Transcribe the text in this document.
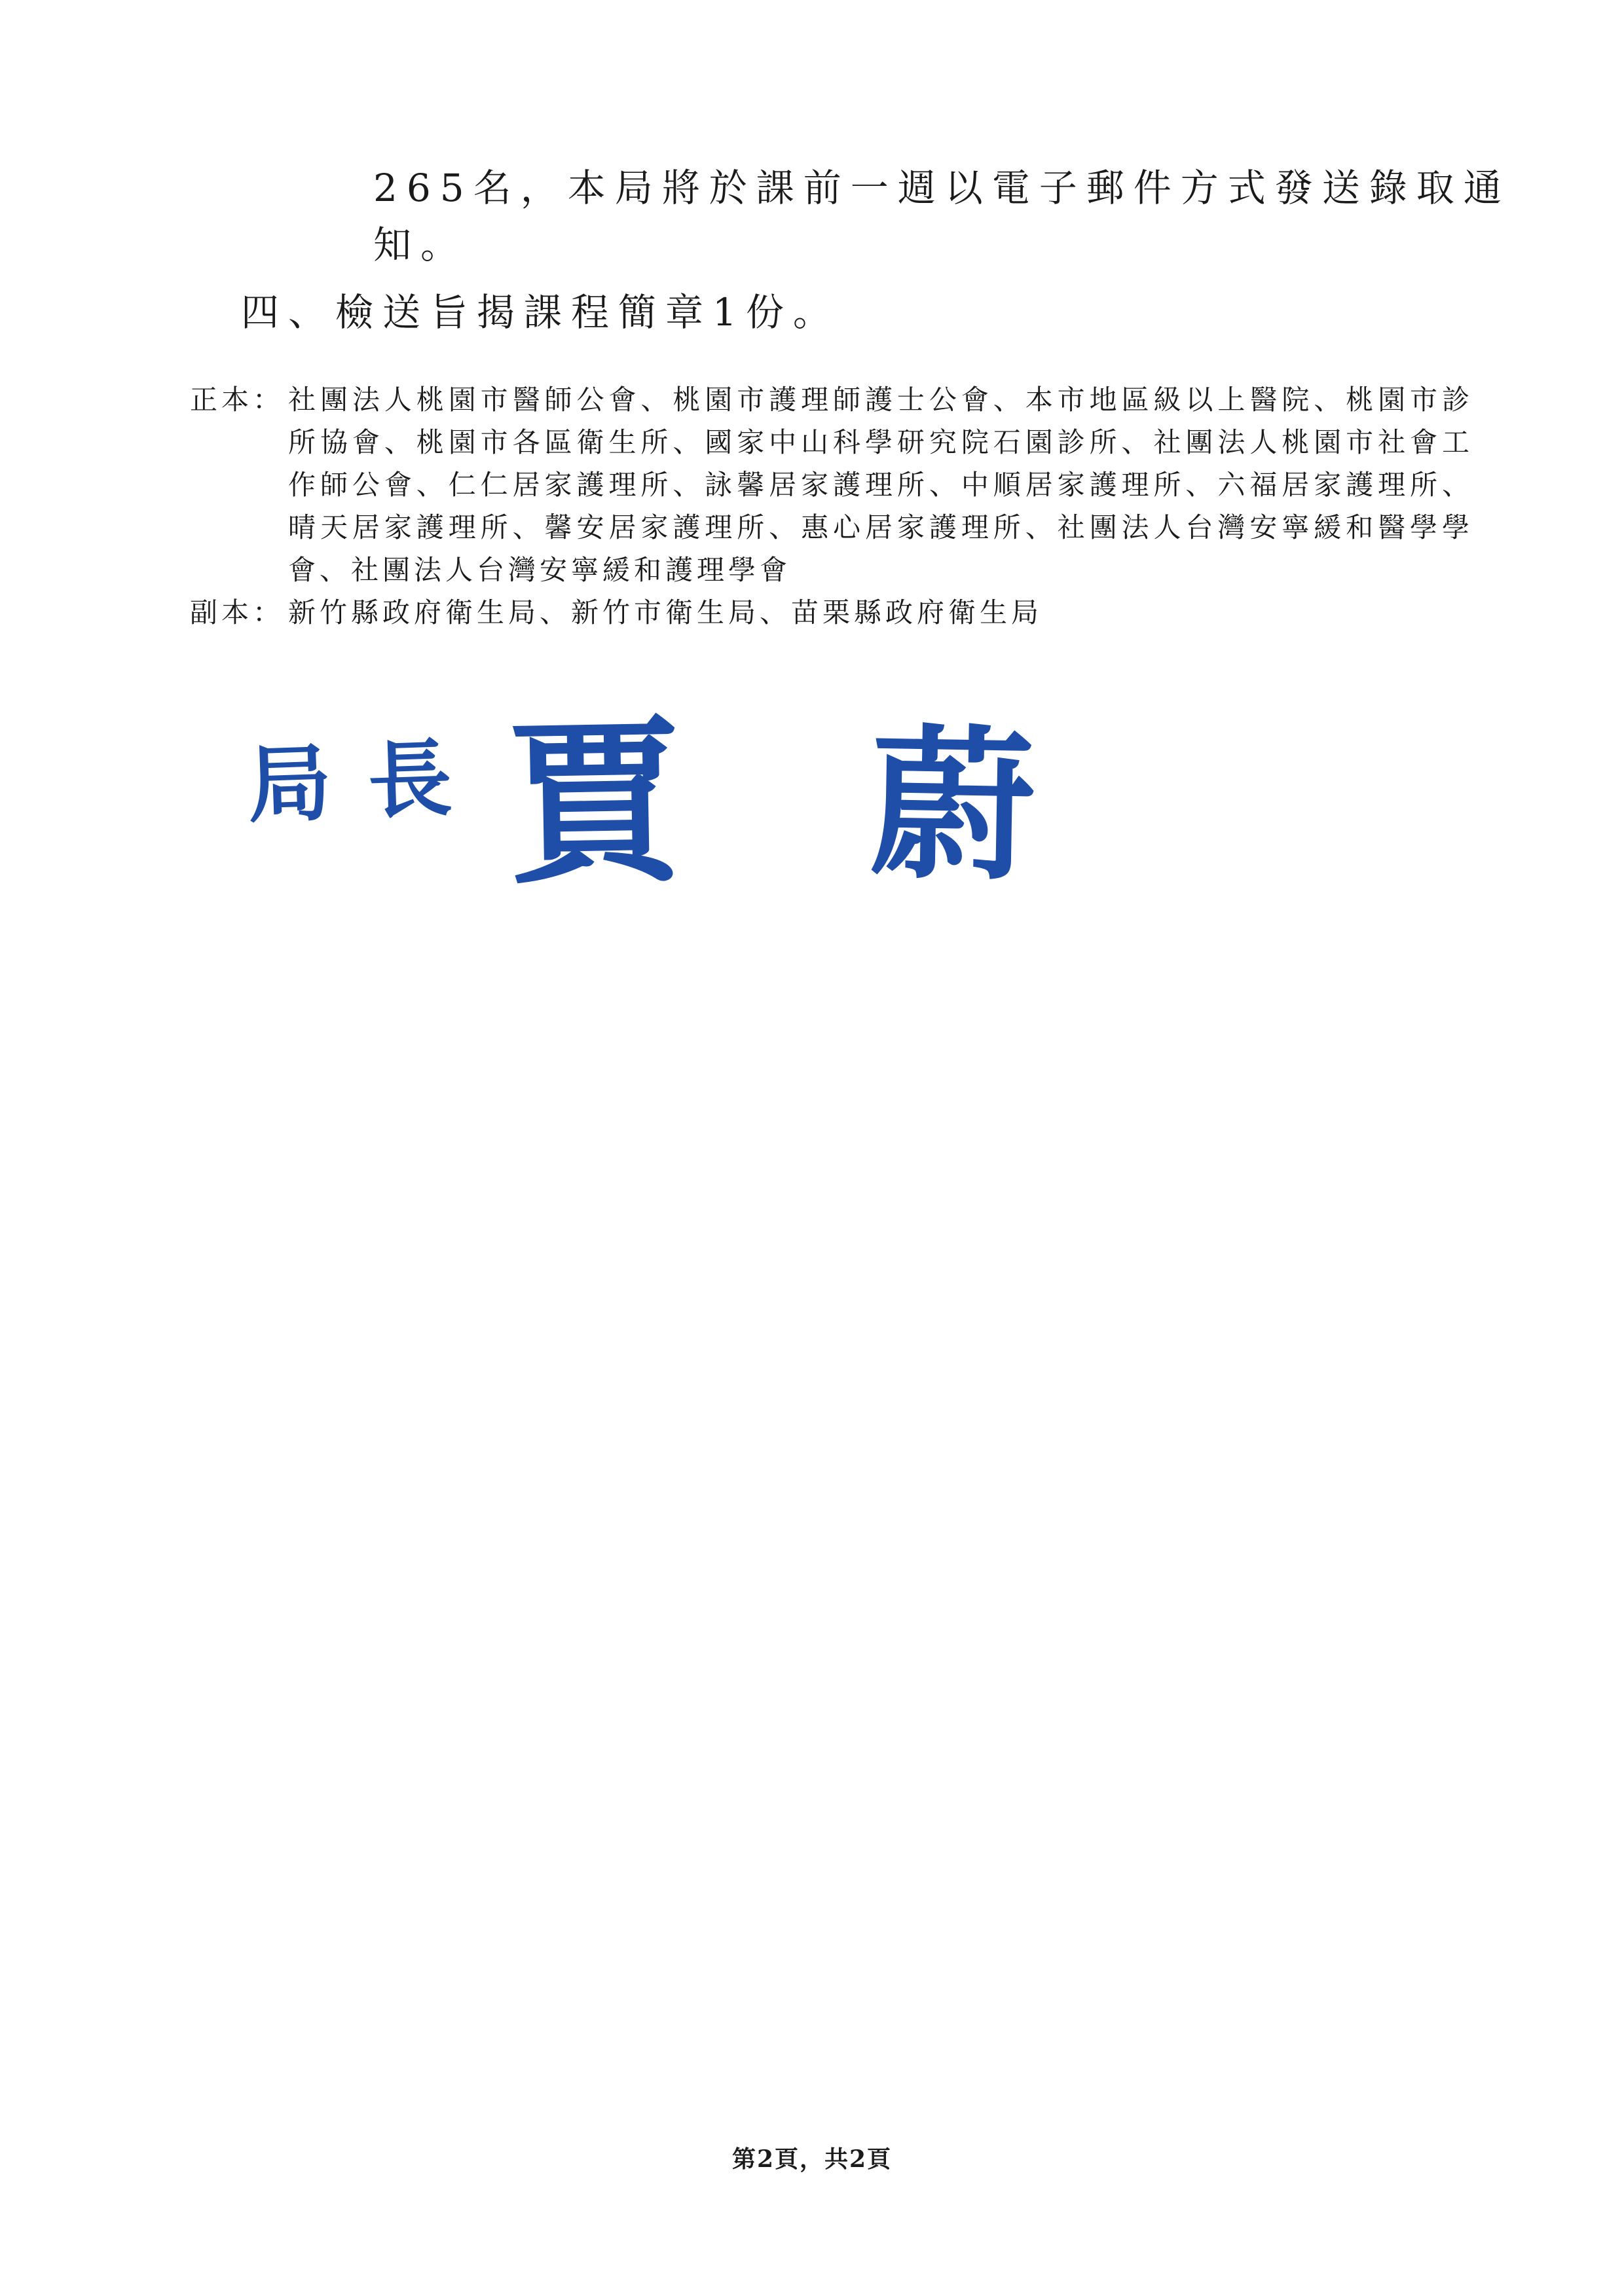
265名，本局將於課前一週以電子郵件方式發送錄取通
知。
四、檢送旨揭課程簡章1份。
正本： 社團法人桃園市醫師公會、桃園市護理師護士公會、本市地區級以上醫院、桃園市診所協會、桃園市各區衛生所、國家中山科學研究院石園診所、社團法人桃園市社會工作師公會、仁仁居家護理所、詠馨居家護理所、中順居家護理所、六福居家護理所、晴天居家護理所、馨安居家護理所、惠心居家護理所、社團法人台灣安寧緩和醫學學會、社團法人台灣安寧緩和護理學會
副本： 新竹縣政府衛生局、新竹市衛生局、苗栗縣政府衛生局
局長 賈 蔚
第2頁，共2頁
